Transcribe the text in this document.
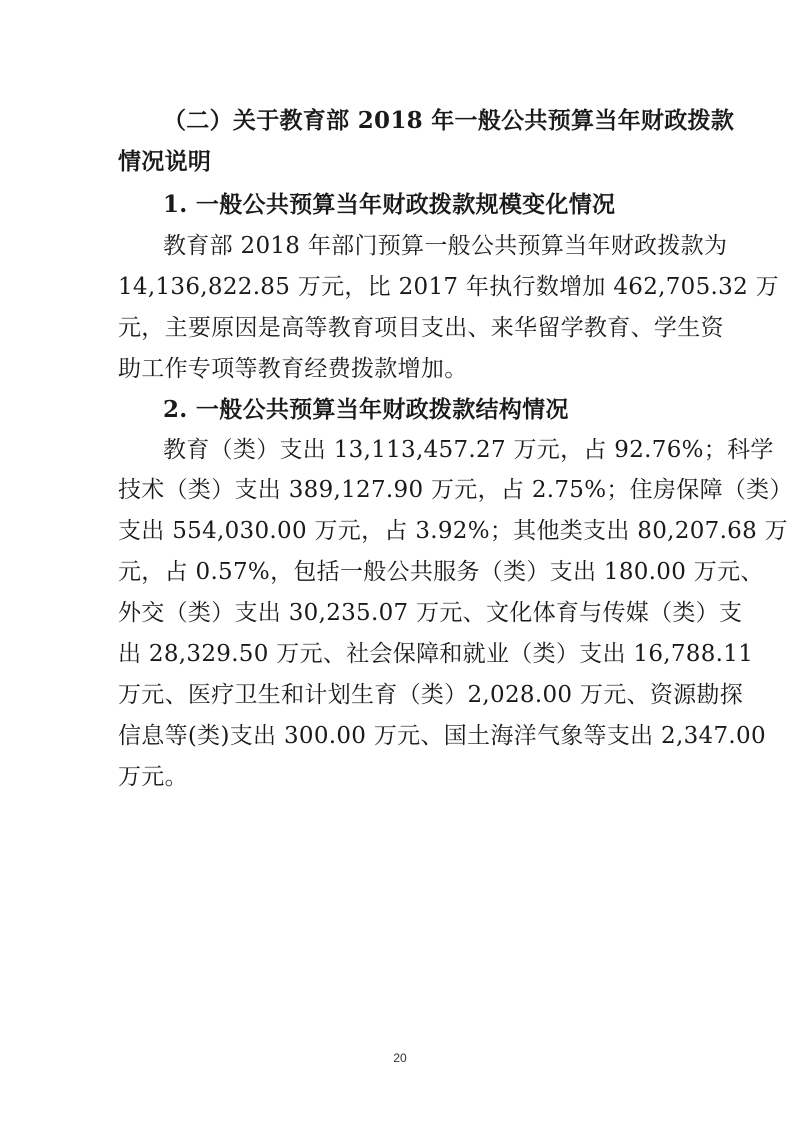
（二）关于教育部 2018 年一般公共预算当年财政拨款
情况说明
1. 一般公共预算当年财政拨款规模变化情况
教育部 2018 年部门预算一般公共预算当年财政拨款为
14,136,822.85 万元，比 2017 年执行数增加 462,705.32 万
元，主要原因是高等教育项目支出、来华留学教育、学生资
助工作专项等教育经费拨款增加。
2. 一般公共预算当年财政拨款结构情况
教育（类）支出 13,113,457.27 万元，占 92.76%；科学
技术（类）支出 389,127.90 万元，占 2.75%；住房保障（类）
支出 554,030.00 万元，占 3.92%；其他类支出 80,207.68 万
元，占 0.57%，包括一般公共服务（类）支出 180.00 万元、
外交（类）支出 30,235.07 万元、文化体育与传媒（类）支
出 28,329.50 万元、社会保障和就业（类）支出 16,788.11
万元、医疗卫生和计划生育（类）2,028.00 万元、资源勘探
信息等(类)支出 300.00 万元、国土海洋气象等支出 2,347.00
万元。
20
